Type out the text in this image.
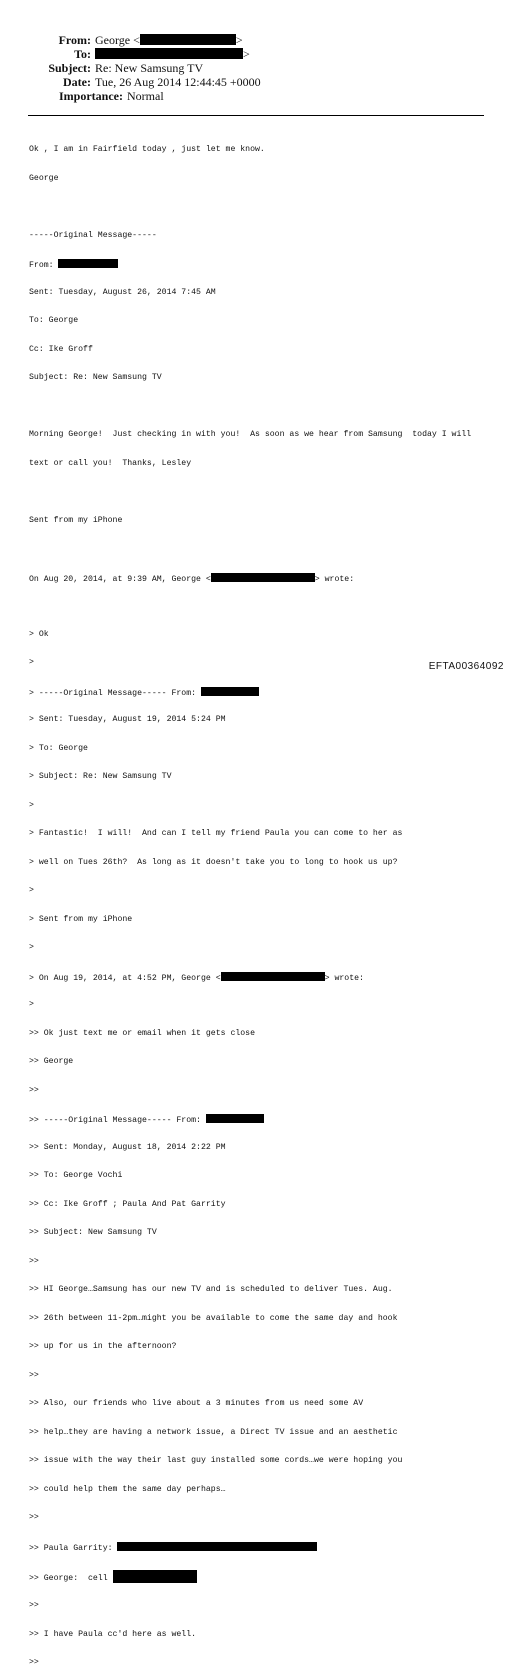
From: George <	>
To:	>
Subject: Re: New Samsung TV
Date: Tue, 26 Aug 2014 12:44:45 +0000
Importance: Normal

Ok , I am in Fairfield today , just let me know.

George

-----Original Message-----

From:

Sent: Tuesday, August 26, 2014 7:45 AM

To: George

Cc: Ike Groff

Subject: Re: New Samsung TV

Morning George!  Just checking in with you!  As soon as we hear from Samsung  today I will

text or call you!  Thanks, Lesley

Sent from my iPhone

On Aug 20, 2014, at 9:39 AM, George <	> wrote:

> Ok

>

> -----Original Message----- From:

> Sent: Tuesday, August 19, 2014 5:24 PM

> To: George

> Subject: Re: New Samsung TV

>

> Fantastic!  I will!  And can I tell my friend Paula you can come to her as

> well on Tues 26th?  As long as it doesn't take you to long to hook us up?

>

> Sent from my iPhone

>

> On Aug 19, 2014, at 4:52 PM, George <	> wrote:

>

>> Ok just text me or email when it gets close

>> George

>>

>> -----Original Message----- From:

>> Sent: Monday, August 18, 2014 2:22 PM

>> To: George Vochi

>> Cc: Ike Groff ; Paula And Pat Garrity

>> Subject: New Samsung TV

>>

>> HI George…Samsung has our new TV and is scheduled to deliver Tues. Aug.

>> 26th between 11-2pm…might you be available to come the same day and hook

>> up for us in the afternoon?

>>

>> Also, our friends who live about a 3 minutes from us need some AV

>> help…they are having a network issue, a Direct TV issue and an aesthetic

>> issue with the way their last guy installed some cords…we were hoping you

>> could help them the same day perhaps…

>>

>> Paula Garrity:

>> George:  cell

>>

>> I have Paula cc'd here as well.

>>

EFTA00364092
